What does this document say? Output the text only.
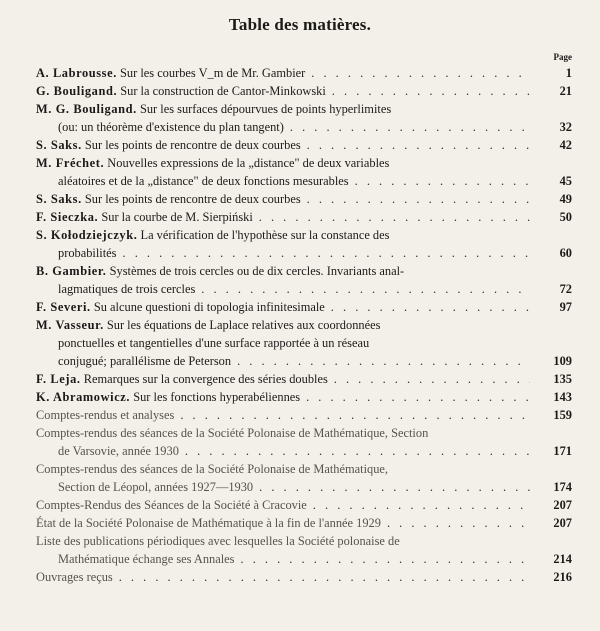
Table des matières.
Page
A. Labrousse. Sur les courbes V_m de Mr. Gambier . . .	1
G. Bouligand. Sur la construction de Cantor-Minkowski . . .	21
M. G. Bouligand. Sur les surfaces dépourvues de points hyperlimites
(ou: un théorème d'existence du plan tangent) . . .	32
S. Saks. Sur les points de rencontre de deux courbes . . .	42
M. Fréchet. Nouvelles expressions de la „distance" de deux variables
aléatoires et de la „distance" de deux fonctions mesurables . . .	45
S. Saks. Sur les points de rencontre de deux courbes . . .	49
F. Sieczka. Sur la courbe de M. Sierpiński . . .	50
S. Kołodziejczyk. La vérification de l'hypothèse sur la constance des
probabilités . . .	60
B. Gambier. Systèmes de trois cercles ou de dix cercles. Invariants anal-
lagmatiques de trois cercles . . .	72
F. Severi. Su alcune questioni di topologia infinitesimale . . .	97
M. Vasseur. Sur les équations de Laplace relatives aux coordonnées
ponctuelles et tangentielles d'une surface rapportée à un réseau
conjugué; parallélisme de Peterson . . .	109
F. Leja. Remarques sur la convergence des séries doubles . . .	135
K. Abramowicz. Sur les fonctions hyperabéliennes . . .	143
Comptes-rendus et analyses . . .	159
Comptes-rendus des séances de la Société Polonaise de Mathématique, Section
de Varsovie, année 1930 . . .	171
Comptes-rendus des séances de la Société Polonaise de Mathématique,
Section de Léopol, années 1927—1930 . . .	174
Comptes-Rendus des Séances de la Société à Cracovie . . .	207
État de la Société Polonaise de Mathématique à la fin de l'année 1929 . . .	207
Liste des publications périodiques avec lesquelles la Société polonaise de
Mathématique échange ses Annales . . .	214
Ouvrages reçus . . .	216
